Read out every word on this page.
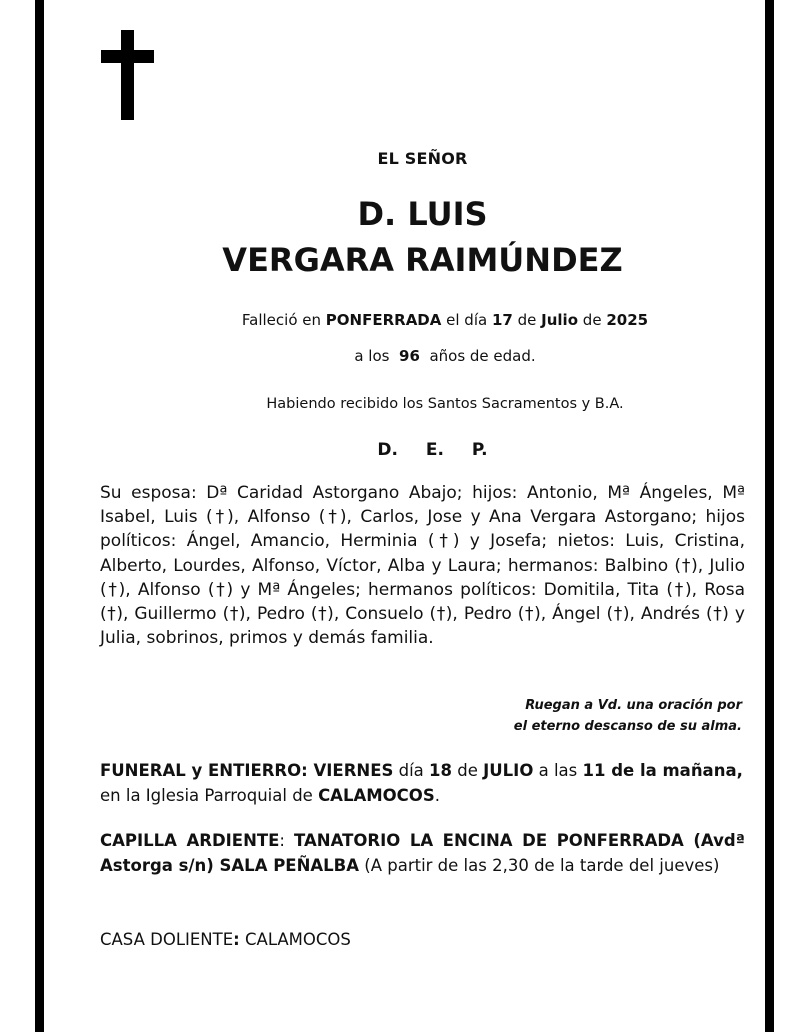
EL SEÑOR
D. LUIS
VERGARA RAIMÚNDEZ
Falleció en PONFERRADA el día 17 de Julio de 2025
a los 96 años de edad.
Habiendo recibido los Santos Sacramentos y B.A.
D. E. P.
Su esposa: Dª Caridad Astorgano Abajo; hijos: Antonio, Mª Ángeles, Mª Isabel, Luis (†), Alfonso (†), Carlos, Jose y Ana Vergara Astorgano; hijos políticos: Ángel, Amancio, Herminia (†) y Josefa; nietos: Luis, Cristina, Alberto, Lourdes, Alfonso, Víctor, Alba y Laura; hermanos: Balbino (†), Julio (†), Alfonso (†) y Mª Ángeles; hermanos políticos: Domitila, Tita (†), Rosa (†), Guillermo (†), Pedro (†), Consuelo (†), Pedro (†), Ángel (†), Andrés (†) y Julia, sobrinos, primos y demás familia.
Ruegan a Vd. una oración por
el eterno descanso de su alma.
FUNERAL y ENTIERRO: VIERNES día 18 de JULIO a las 11 de la mañana,
en la Iglesia Parroquial de CALAMOCOS.
CAPILLA ARDIENTE: TANATORIO LA ENCINA DE PONFERRADA (Avdª Astorga s/n) SALA PEÑALBA (A partir de las 2,30 de la tarde del jueves)
CASA DOLIENTE: CALAMOCOS
